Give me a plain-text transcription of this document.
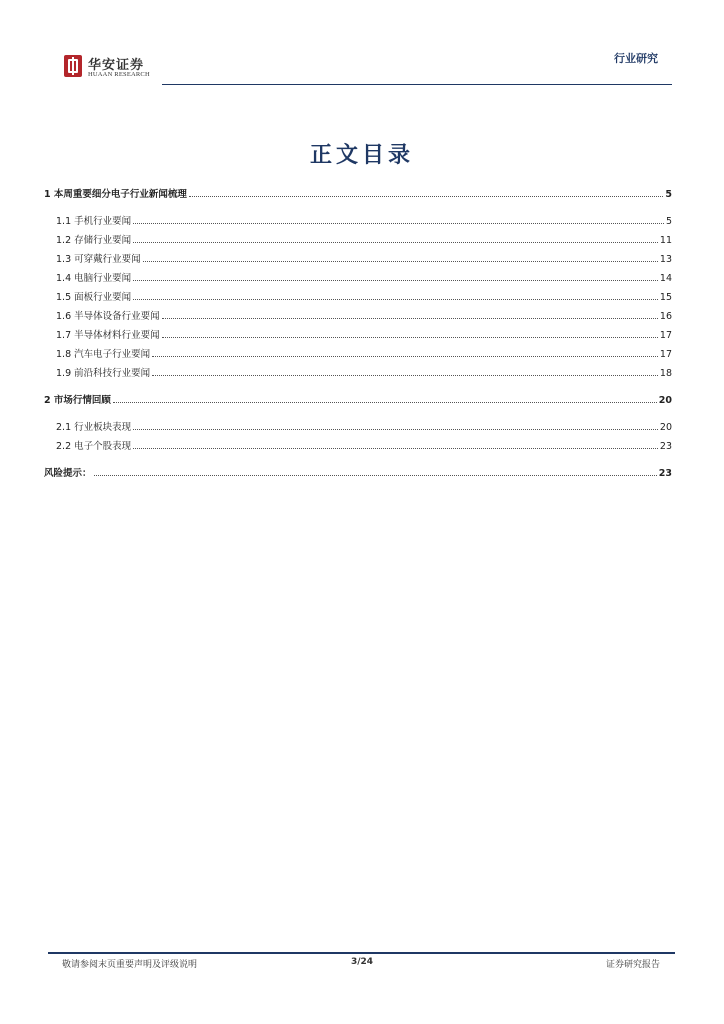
华安证券
HUAAN RESEARCH
行业研究
正文目录
1 本周重要细分电子行业新闻梳理	5
1.1 手机行业要闻	5
1.2 存储行业要闻	11
1.3 可穿戴行业要闻	13
1.4 电脑行业要闻	14
1.5 面板行业要闻	15
1.6 半导体设备行业要闻	16
1.7 半导体材料行业要闻	17
1.8 汽车电子行业要闻	17
1.9 前沿科技行业要闻	18
2 市场行情回顾	20
2.1 行业板块表现	20
2.2 电子个股表现	23
风险提示：	23
敬请参阅末页重要声明及评级说明	3/24	证券研究报告
